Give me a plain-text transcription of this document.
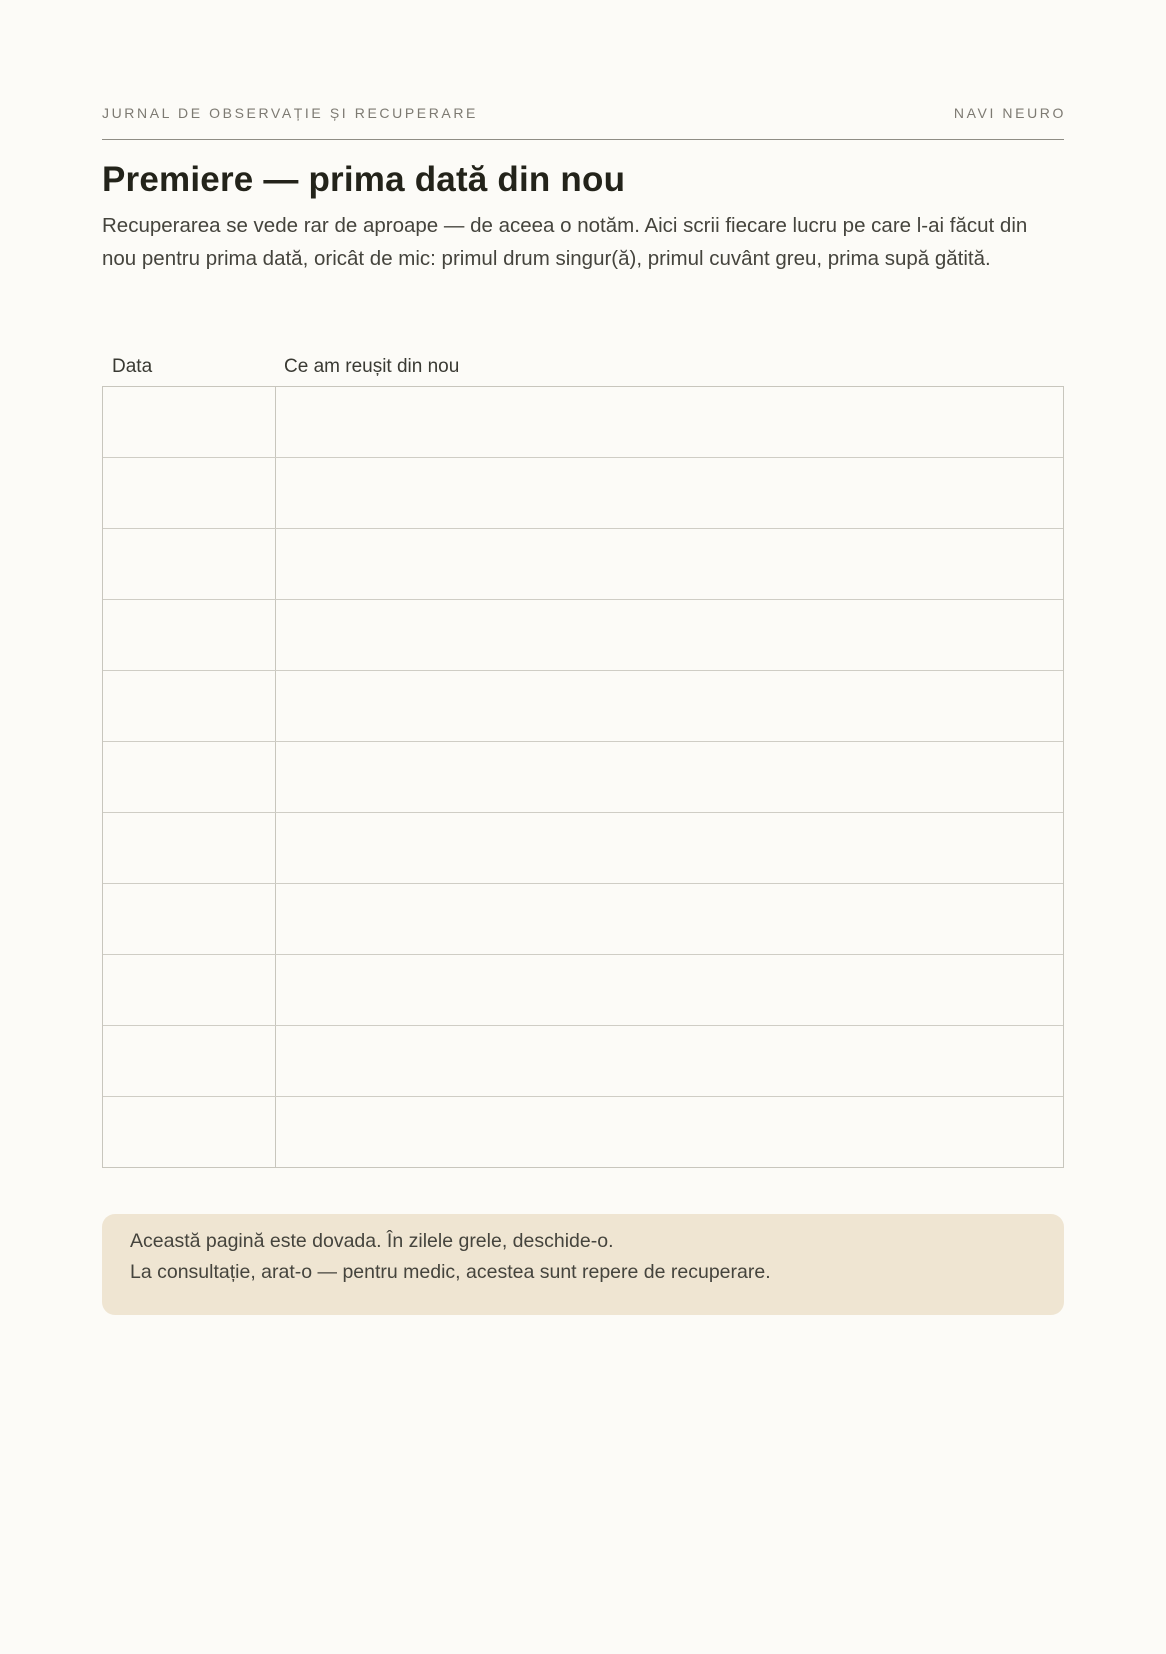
JURNAL DE OBSERVAȚIE ȘI RECUPERARE	NAVI NEURO
Premiere — prima dată din nou

Recuperarea se vede rar de aproape — de aceea o notăm. Aici scrii fiecare lucru pe care l-ai făcut din nou pentru prima dată, oricât de mic: primul drum singur(ă), primul cuvânt greu, prima supă gătită.

Data	Ce am reușit din nou
Această pagină este dovada. În zilele grele, deschide-o.
La consultație, arat-o — pentru medic, acestea sunt repere de recuperare.
